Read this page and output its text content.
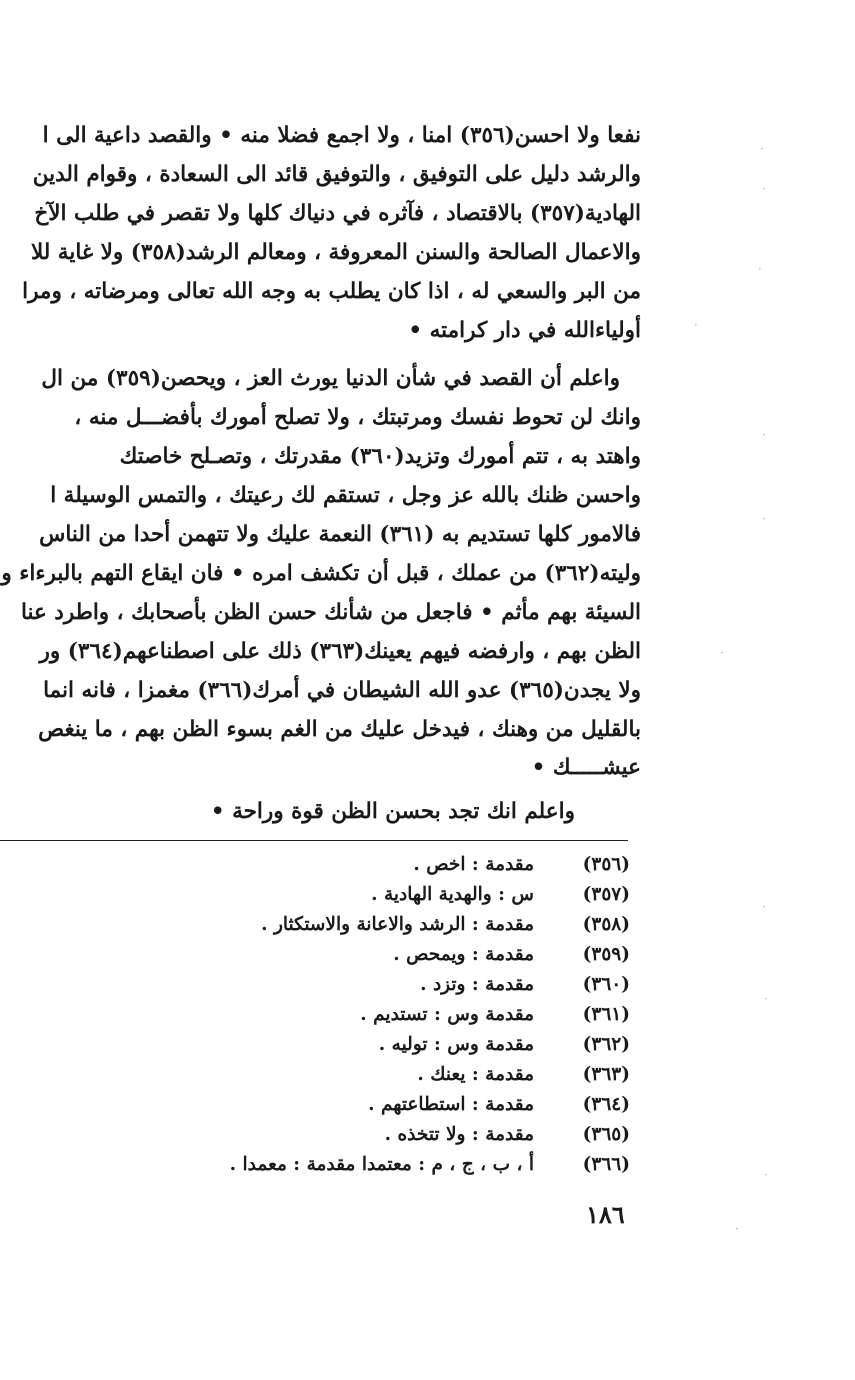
نفعا ولا احسن(٣٥٦) امنا ، ولا اجمع فضلا منه • والقصد داعية الى ا

والرشد دليل على التوفيق ، والتوفيق قائد الى السعادة ، وقوام الدين

الهادية(٣٥٧) بالاقتصاد ، فآثره في دنياك كلها ولا تقصر في طلب الآخ

والاعمال الصالحة والسنن المعروفة ، ومعالم الرشد(٣٥٨) ولا غاية للا

من البر والسعي له ، اذا كان يطلب به وجه الله تعالى ومرضاته ، ومرا

أولياءالله في دار كرامته •

واعلم أن القصد في شأن الدنيا يورث العز ، ويحصن(٣٥٩) من ال

وانك لن تحوط نفسك ومرتبتك ، ولا تصلح أمورك بأفضـــل منه ،

واهتد به ، تتم أمورك وتزيد(٣٦٠) مقدرتك ، وتصـلح خاصتك

واحسن ظنك بالله عز وجل ، تستقم لك رعيتك ، والتمس الوسيلة ا

فالامور كلها تستديم به (٣٦١) النعمة عليك ولا تتهمن أحدا من الناس

وليته(٣٦٢) من عملك ، قبل أن تكشف امره • فان ايقاع التهم بالبرءاء و

السيئة بهم مأثم • فاجعل من شأنك حسن الظن بأصحابك ، واطرد عنا

الظن بهم ، وارفضه فيهم يعينك(٣٦٣) ذلك على اصطناعهم(٣٦٤) ور

ولا يجدن(٣٦٥) عدو الله الشيطان في أمرك(٣٦٦) مغمزا ، فانه انما

بالقليل من وهنك ، فيدخل عليك من الغم بسوء الظن بهم ، ما ينغص

عيشـــــك •

واعلم انك تجد بحسن الظن قوة وراحة •

(٣٥٦)
مقدمة : اخص .
(٣٥٧)
س : والهدية الهادية .
(٣٥٨)
مقدمة : الرشد والاعانة والاستكثار .
(٣٥٩)
مقدمة : ويمحص .
(٣٦٠)
مقدمة : وتزد .
(٣٦١)
مقدمة وس : تستديم .
(٣٦٢)
مقدمة وس : توليه .
(٣٦٣)
مقدمة : يعنك .
(٣٦٤)
مقدمة : استطاعتهم .
(٣٦٥)
مقدمة : ولا تتخذه .
(٣٦٦)
أ ، ب ، ج ، م : معتمدا مقدمة : معمدا .
١٨٦
·
·
·
·
·
·
·
·
·
·
·
